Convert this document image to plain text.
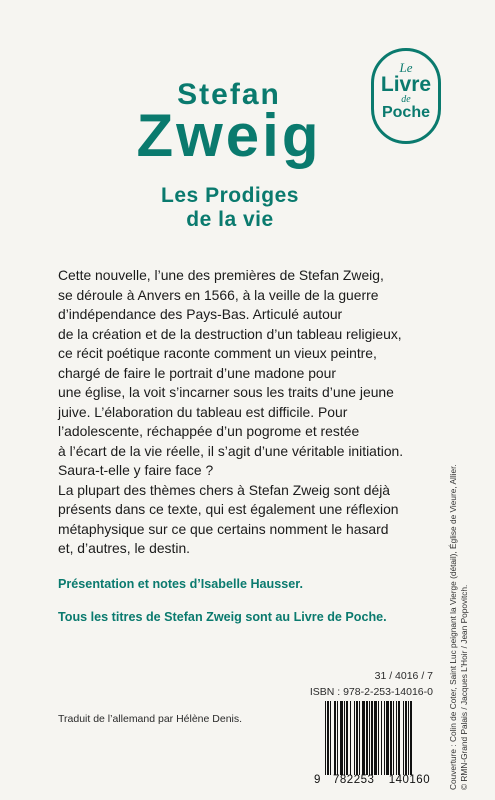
Stefan
Zweig
Les Prodiges
de la vie
Le
Livre
de
Poche
Cette nouvelle, l’une des premières de Stefan Zweig,
se déroule à Anvers en 1566, à la veille de la guerre
d’indépendance des Pays-Bas. Articulé autour
de la création et de la destruction d’un tableau religieux,
ce récit poétique raconte comment un vieux peintre,
chargé de faire le portrait d’une madone pour
une église, la voit s’incarner sous les traits d’une jeune
juive. L’élaboration du tableau est difficile. Pour
l’adolescente, réchappée d’un pogrome et restée
à l’écart de la vie réelle, il s’agit d’une véritable initiation.
Saura-t-elle y faire face ?
La plupart des thèmes chers à Stefan Zweig sont déjà
présents dans ce texte, qui est également une réflexion
métaphysique sur ce que certains nomment le hasard
et, d’autres, le destin.
Présentation et notes d’Isabelle Hausser.
Tous les titres de Stefan Zweig sont au Livre de Poche.
31 / 4016 / 7
ISBN : 978-2-253-14016-0
Traduit de l’allemand par Hélène Denis.
9 782253 140160	Couverture : Colin de Coter, Saint Luc peignant la Vierge (détail), Église de Vieure, Allier. © RMN-Grand Palais / Jacques L’Hoir / Jean Popovitch.
